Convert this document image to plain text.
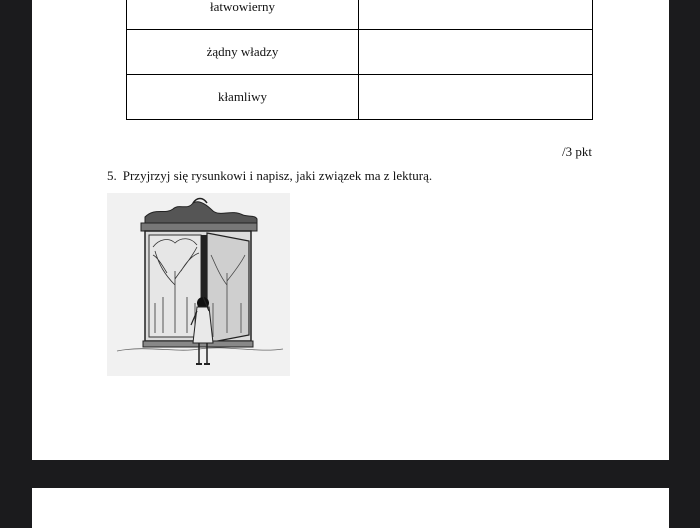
łatwowierny	
żądny władzy	
kłamliwy	
/3 pkt
5. Przyjrzyj się rysunkowi i napisz, jaki związek ma z lekturą.
